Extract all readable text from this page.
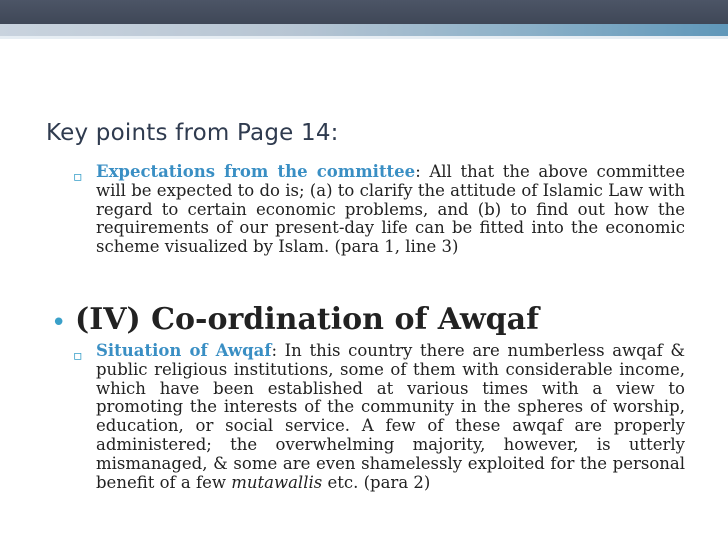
Key points from Page 14:
▫ Expectations from the committee: All that the above committee will be expected to do is; (a) to clarify the attitude of Islamic Law with regard to certain economic problems, and (b) to find out how the requirements of our present-day life can be fitted into the economic scheme visualized by Islam. (para 1, line 3)
• (IV) Co-ordination of Awqaf
▫ Situation of Awqaf: In this country there are numberless awqaf & public religious institutions, some of them with considerable income, which have been established at various times with a view to promoting the interests of the community in the spheres of worship, education, or social service. A few of these awqaf are properly administered; the overwhelming majority, however, is utterly mismanaged, & some are even shamelessly exploited for the personal benefit of a few mutawallis etc. (para 2)
